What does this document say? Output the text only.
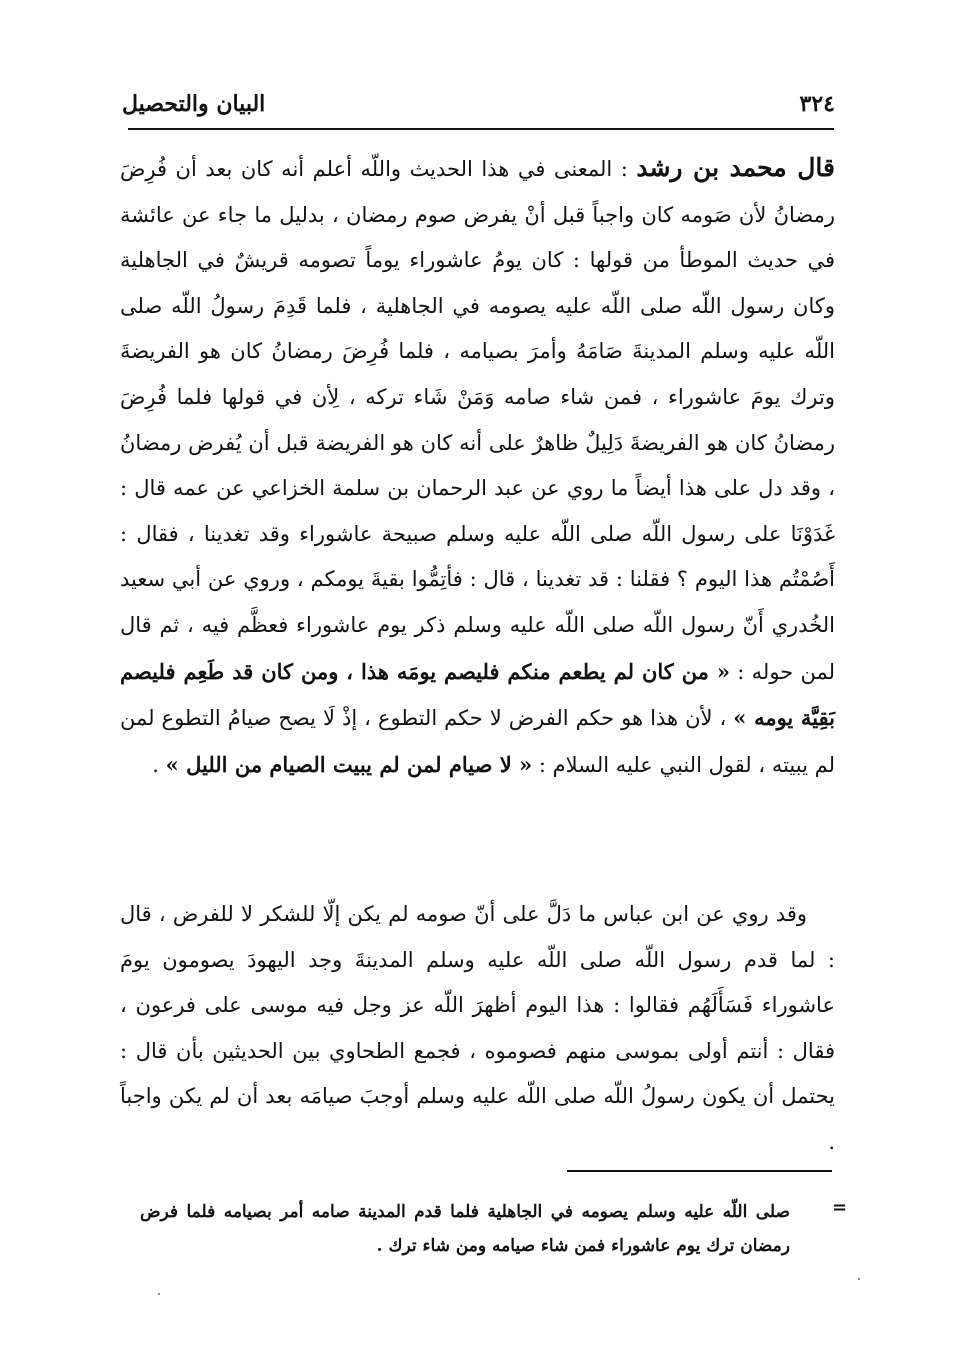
٣٢٤
البيان والتحصيل

قال محمد بن رشد : المعنى في هذا الحديث واللّه أعلم أنه كان بعد أن فُرِضَ رمضانُ لأن صَومه كان واجباً قبل أنْ يفرض صوم رمضان ، بدليل ما جاء عن عائشة في حديث الموطأ من قولها : كان يومُ عاشوراء يوماً تصومه قريشٌ في الجاهلية وكان رسول اللّه صلى اللّه عليه يصومه في الجاهلية ، فلما قَدِمَ رسولُ اللّه صلى اللّه عليه وسلم المدينةَ صَامَهُ وأمرَ بصيامه ، فلما فُرِضَ رمضانُ كان هو الفريضةَ وترك يومَ عاشوراء ، فمن شاء صامه وَمَنْ شَاء تركه ، لِأن في قولها فلما فُرِضَ رمضانُ كان هو الفريضةَ دَلِيلٌ ظاهرٌ على أنه كان هو الفريضة قبل أن يُفرض رمضانُ ، وقد دل على هذا أيضاً ما روي عن عبد الرحمان بن سلمة الخزاعي عن عمه قال : غَدَوْنَا على رسول اللّه صلى اللّه عليه وسلم صبيحة عاشوراء وقد تغدينا ، فقال : أَصُمْتُم هذا اليوم ؟ فقلنا : قد تغدينا ، قال : فأتِمُّوا بقيةَ يومكم ، وروي عن أبي سعيد الخُدري أَنّ رسول اللّه صلى اللّه عليه وسلم ذكر يوم عاشوراء فعظَّم فيه ، ثم قال لمن حوله : « من كان لم يطعم منكم فليصم يومَه هذا ، ومن كان قد طَعِم فليصم بَقِيَّة يومه » ، لأن هذا هو حكم الفرض لا حكم التطوع ، إذْ لَا يصح صيامُ التطوع لمن لم يبيته ، لقول النبي عليه السلام : « لا صيام لمن لم يبيت الصيام من الليل » .

وقد روي عن ابن عباس ما دَلَّ على أنّ صومه لم يكن إلّا للشكر لا للفرض ، قال : لما قدم رسول اللّه صلى اللّه عليه وسلم المدينةَ وجد اليهودَ يصومون يومَ عاشوراء فَسَأَلَهُم فقالوا : هذا اليوم أظهرَ اللّه عز وجل فيه موسى على فرعون ، فقال : أنتم أولى بموسى منهم فصوموه ، فجمع الطحاوي بين الحديثين بأن قال : يحتمل أن يكون رسولُ اللّه صلى اللّه عليه وسلم أوجبَ صيامَه بعد أن لم يكن واجباً .

=
صلى اللّه عليه وسلم يصومه في الجاهلية فلما قدم المدينة صامه أمر بصيامه فلما فرض رمضان ترك يوم عاشوراء فمن شاء صيامه ومن شاء ترك .
